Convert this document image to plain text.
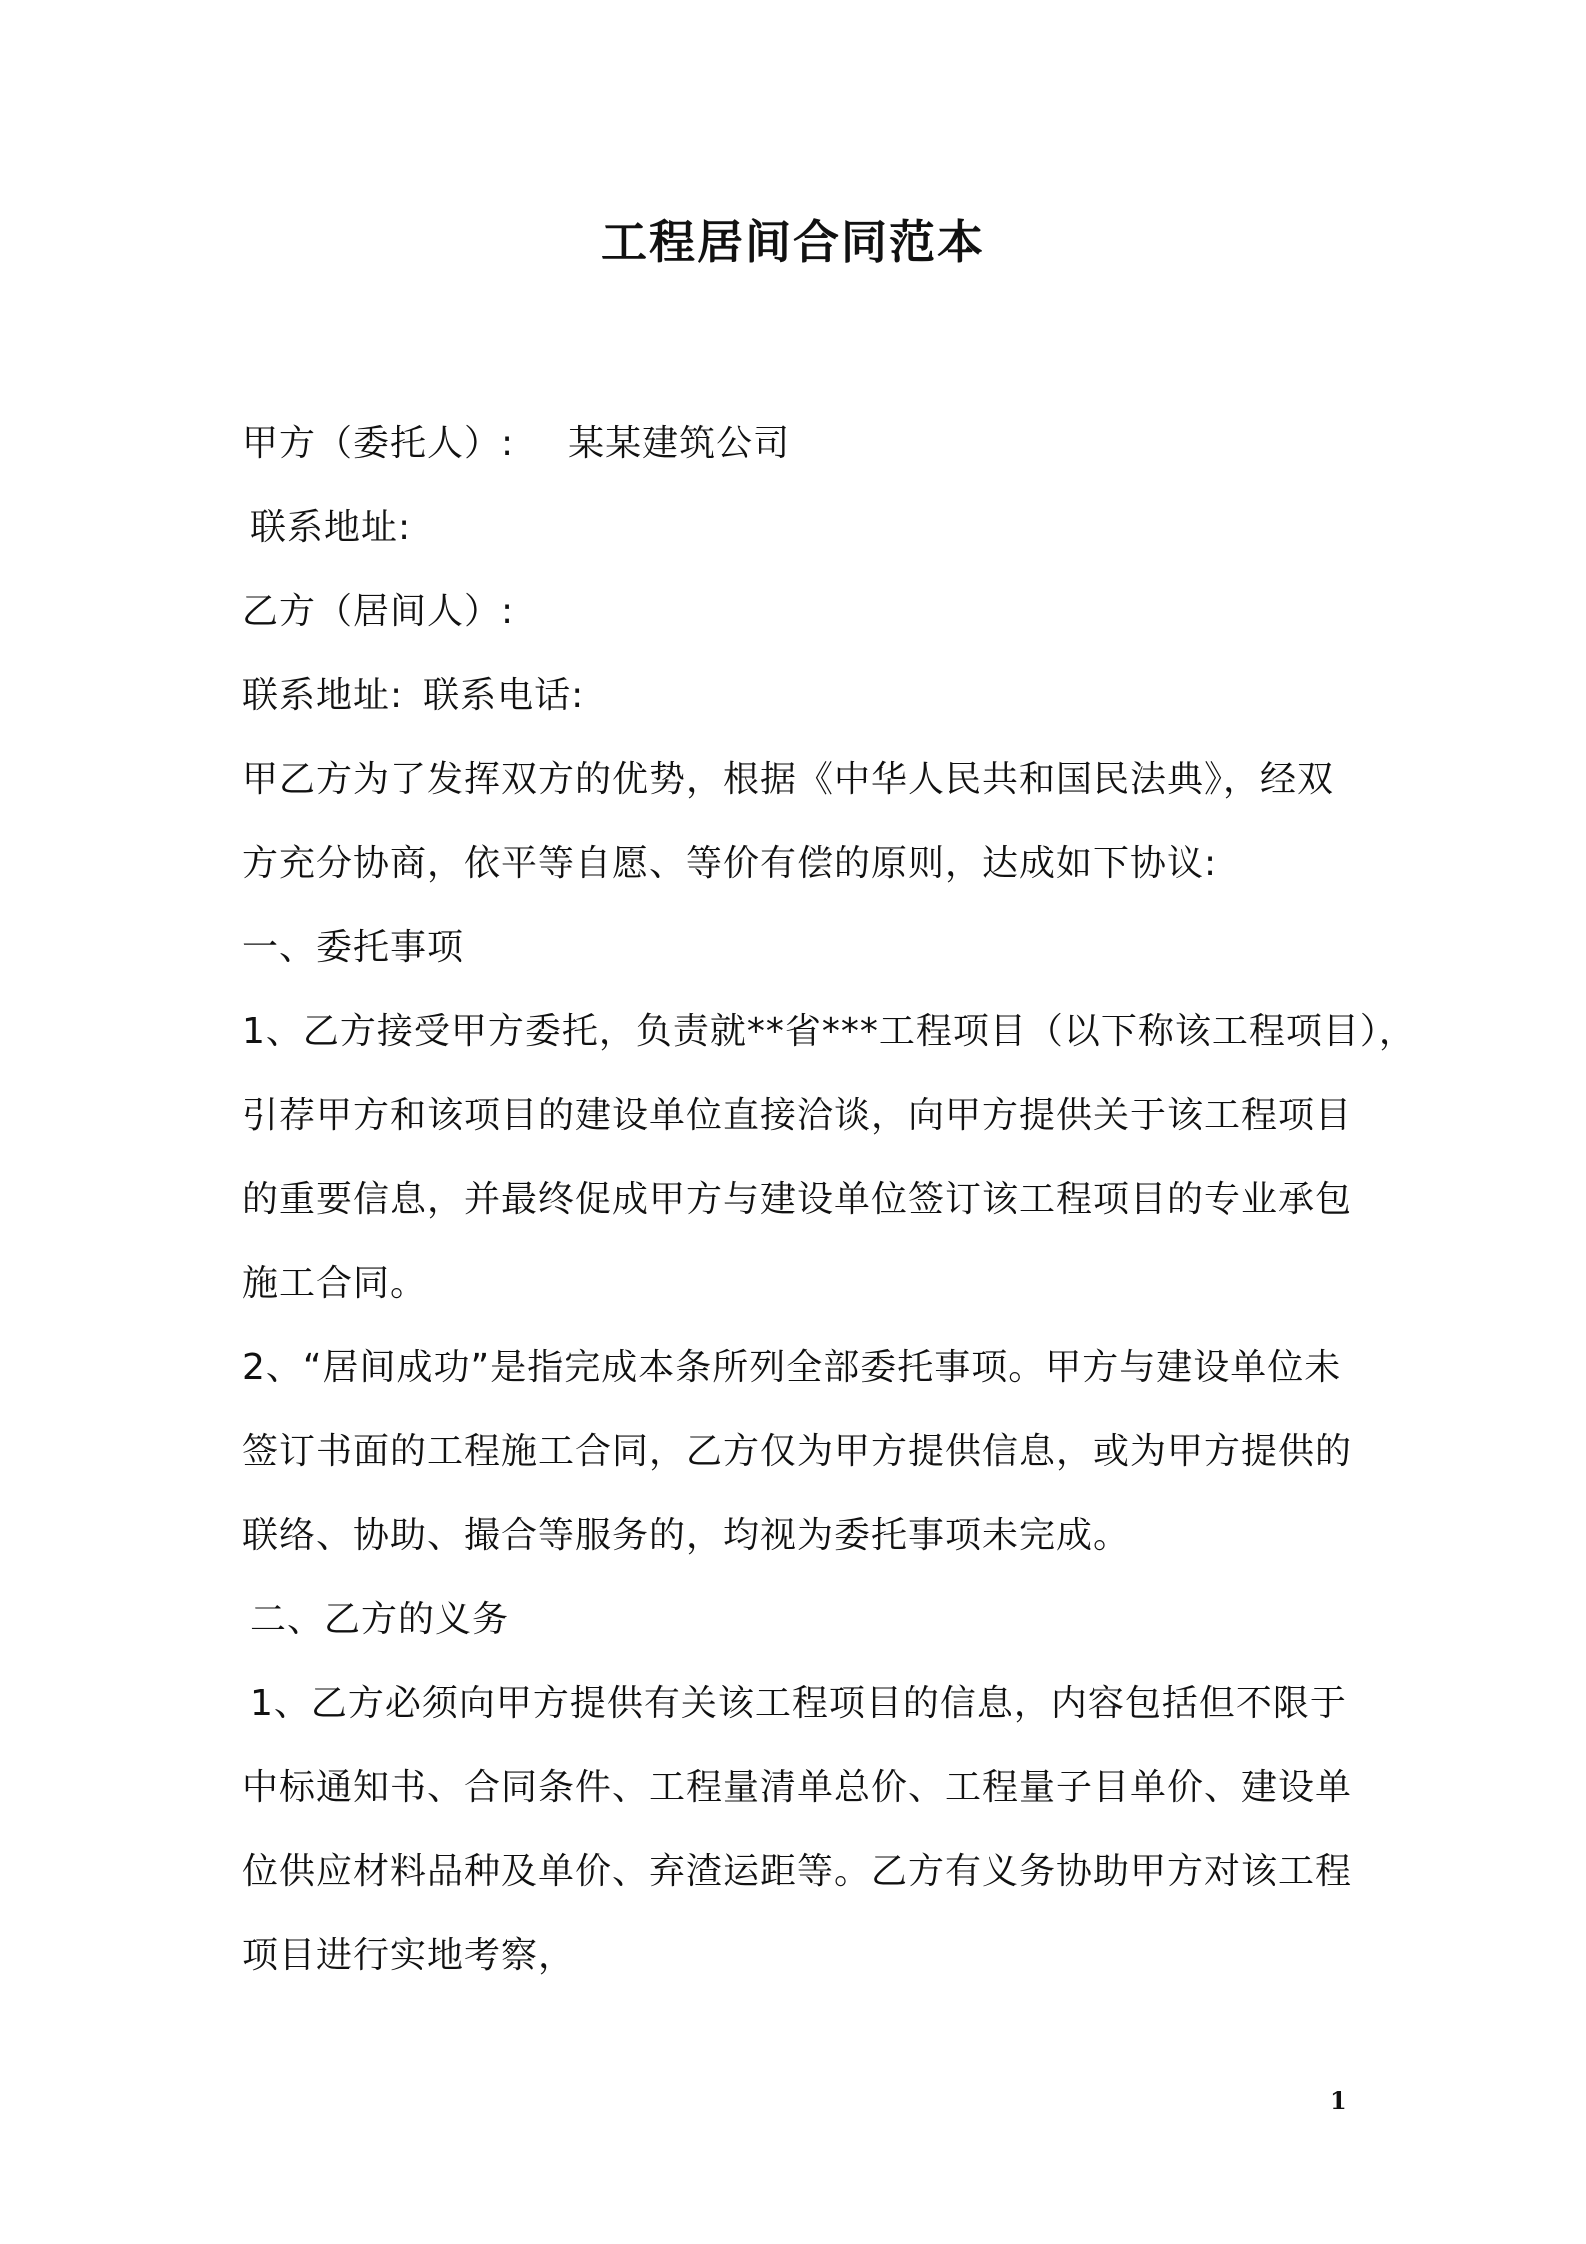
工程居间合同范本
甲方（委托人）: 某某建筑公司
联系地址:
乙方（居间人）:
联系地址: 联系电话:
甲乙方为了发挥双方的优势，根据《中华人民共和国民法典》，经双
方充分协商，依平等自愿、等价有偿的原则，达成如下协议:
一、委托事项
1、乙方接受甲方委托，负责就**省***工程项目（以下称该工程项目），
引荐甲方和该项目的建设单位直接洽谈，向甲方提供关于该工程项目
的重要信息，并最终促成甲方与建设单位签订该工程项目的专业承包
施工合同。
2、“居间成功”是指完成本条所列全部委托事项。甲方与建设单位未
签订书面的工程施工合同，乙方仅为甲方提供信息，或为甲方提供的
联络、协助、撮合等服务的，均视为委托事项未完成。
二、乙方的义务
1、乙方必须向甲方提供有关该工程项目的信息，内容包括但不限于
中标通知书、合同条件、工程量清单总价、工程量子目单价、建设单
位供应材料品种及单价、弃渣运距等。乙方有义务协助甲方对该工程
项目进行实地考察，
1
